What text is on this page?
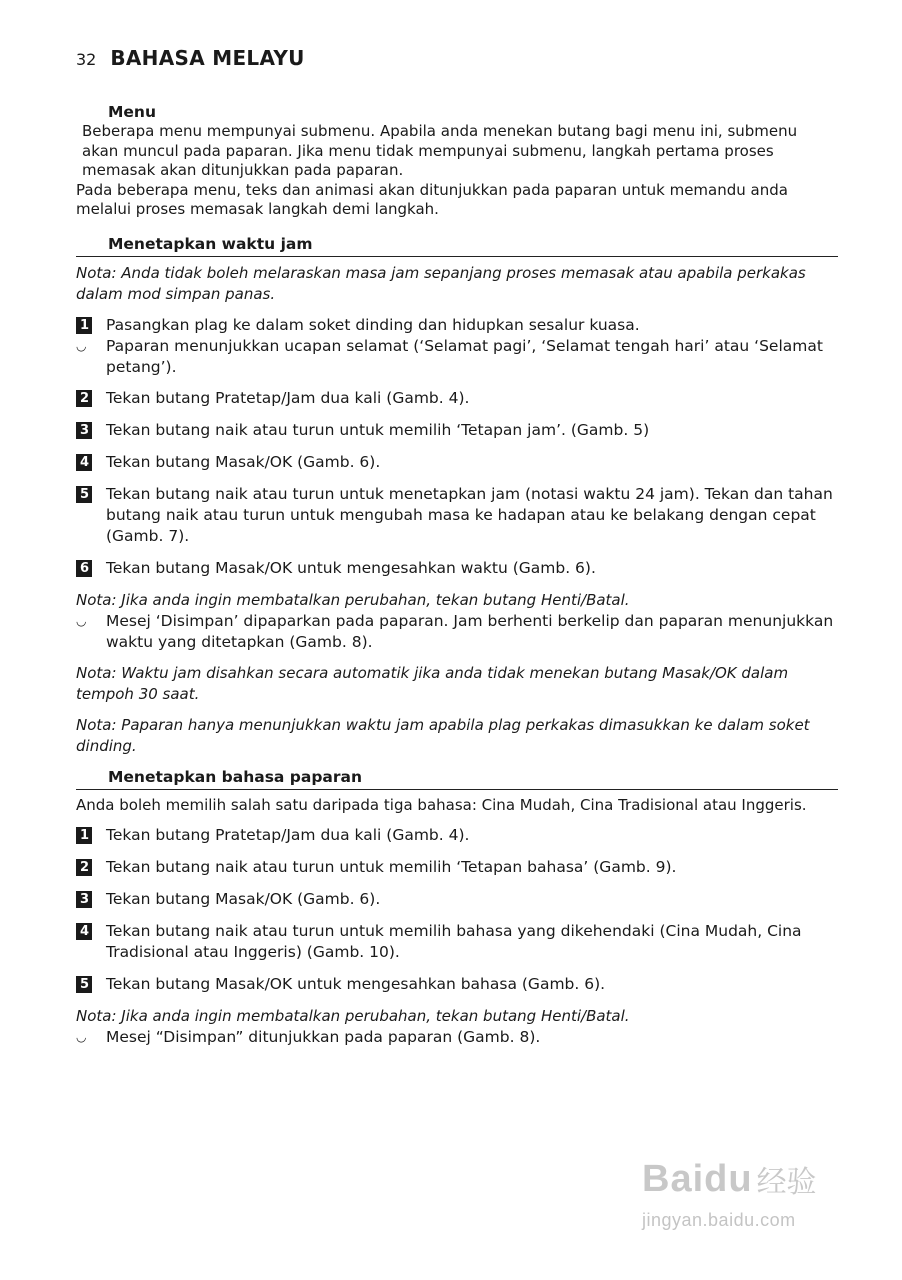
32 BAHASA MELAYU
Menu

Beberapa menu mempunyai submenu. Apabila anda menekan butang bagi menu ini, submenu akan muncul pada paparan. Jika menu tidak mempunyai submenu, langkah pertama proses memasak akan ditunjukkan pada paparan.

Pada beberapa menu, teks dan animasi akan ditunjukkan pada paparan untuk memandu anda melalui proses memasak langkah demi langkah.

Menetapkan waktu jam

Nota: Anda tidak boleh melaraskan masa jam sepanjang proses memasak atau apabila perkakas dalam mod simpan panas.

1 Pasangkan plag ke dalam soket dinding dan hidupkan sesalur kuasa.
◡	Paparan menunjukkan ucapan selamat (‘Selamat pagi’, ‘Selamat tengah hari’ atau ‘Selamat petang’).
2 Tekan butang Pratetap/Jam dua kali (Gamb. 4).
3 Tekan butang naik atau turun untuk memilih ‘Tetapan jam’. (Gamb. 5)
4 Tekan butang Masak/OK (Gamb. 6).
5 Tekan butang naik atau turun untuk menetapkan jam (notasi waktu 24 jam). Tekan dan tahan butang naik atau turun untuk mengubah masa ke hadapan atau ke belakang dengan cepat (Gamb. 7).
6 Tekan butang Masak/OK untuk mengesahkan waktu (Gamb. 6).

Nota: Jika anda ingin membatalkan perubahan, tekan butang Henti/Batal.

◡	Mesej ‘Disimpan’ dipaparkan pada paparan. Jam berhenti berkelip dan paparan menunjukkan waktu yang ditetapkan (Gamb. 8).

Nota: Waktu jam disahkan secara automatik jika anda tidak menekan butang Masak/OK dalam tempoh 30 saat.

Nota: Paparan hanya menunjukkan waktu jam apabila plag perkakas dimasukkan ke dalam soket dinding.

Menetapkan bahasa paparan

Anda boleh memilih salah satu daripada tiga bahasa: Cina Mudah, Cina Tradisional atau Inggeris.

1 Tekan butang Pratetap/Jam dua kali (Gamb. 4).
2 Tekan butang naik atau turun untuk memilih ‘Tetapan bahasa’ (Gamb. 9).
3 Tekan butang Masak/OK (Gamb. 6).
4 Tekan butang naik atau turun untuk memilih bahasa yang dikehendaki (Cina Mudah, Cina Tradisional atau Inggeris) (Gamb. 10).
5 Tekan butang Masak/OK untuk mengesahkan bahasa (Gamb. 6).

Nota: Jika anda ingin membatalkan perubahan, tekan butang Henti/Batal.

◡	Mesej “Disimpan” ditunjukkan pada paparan (Gamb. 8).
Baidu 经验
jingyan.baidu.com
